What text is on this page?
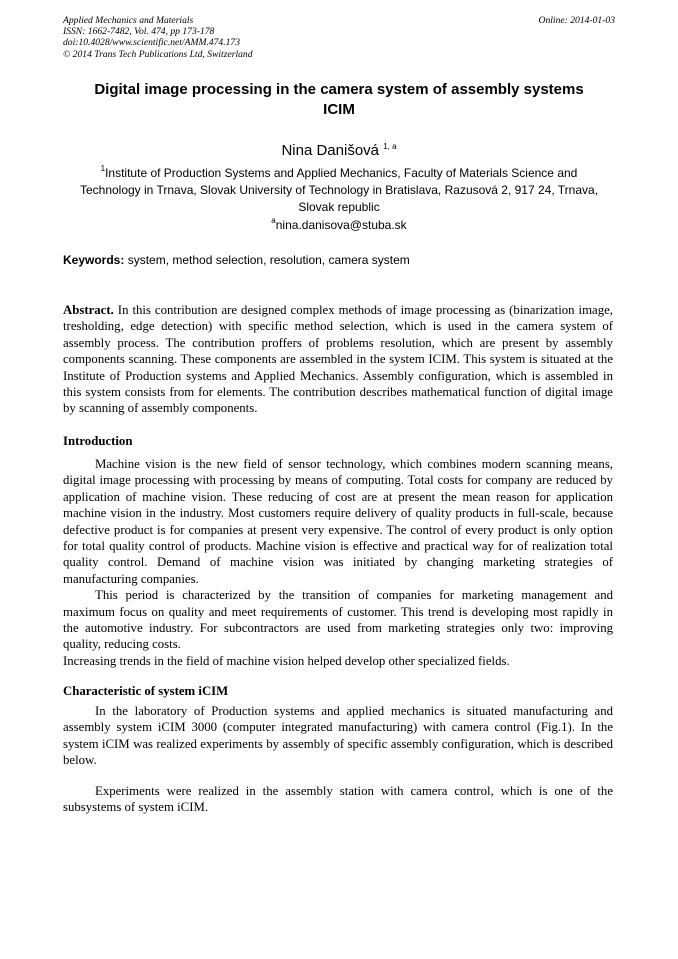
Applied Mechanics and Materials
ISSN: 1662-7482, Vol. 474, pp 173-178
doi:10.4028/www.scientific.net/AMM.474.173
© 2014 Trans Tech Publications Ltd, Switzerland
Online: 2014-01-03
Digital image processing in the camera system of assembly systems
ICIM
Nina Danišová $^{1, a}$
$^1$Institute of Production Systems and Applied Mechanics, Faculty of Materials Science and
Technology in Trnava, Slovak University of Technology in Bratislava, Razusová 2, 917 24, Trnava,
Slovak republic
$^a$nina.danisova@stuba.sk
Keywords: system, method selection, resolution, camera system

Abstract. In this contribution are designed complex methods of image processing as (binarization image, tresholding, edge detection) with specific method selection, which is used in the camera system of assembly process. The contribution proffers of problems resolution, which are present by assembly components scanning. These components are assembled in the system ICIM. This system is situated at the Institute of Production systems and Applied Mechanics. Assembly configuration, which is assembled in this system consists from for elements. The contribution describes mathematical function of digital image by scanning of assembly components.

Introduction

Machine vision is the new field of sensor technology, which combines modern scanning means, digital image processing with processing by means of computing. Total costs for company are reduced by application of machine vision. These reducing of cost are at present the mean reason for application machine vision in the industry. Most customers require delivery of quality products in full-scale, because defective product is for companies at present very expensive. The control of every product is only option for total quality control of products. Machine vision is effective and practical way for of realization total quality control. Demand of machine vision was initiated by changing marketing strategies of manufacturing companies.

This period is characterized by the transition of companies for marketing management and maximum focus on quality and meet requirements of customer. This trend is developing most rapidly in the automotive industry. For subcontractors are used from marketing strategies only two: improving quality, reducing costs.

Increasing trends in the field of machine vision helped develop other specialized fields.

Characteristic of system iCIM

In the laboratory of Production systems and applied mechanics is situated manufacturing and assembly system iCIM 3000 (computer integrated manufacturing) with camera control (Fig.1). In the system iCIM was realized experiments by assembly of specific assembly configuration, which is described below.

Experiments were realized in the assembly station with camera control, which is one of the subsystems of system iCIM.
